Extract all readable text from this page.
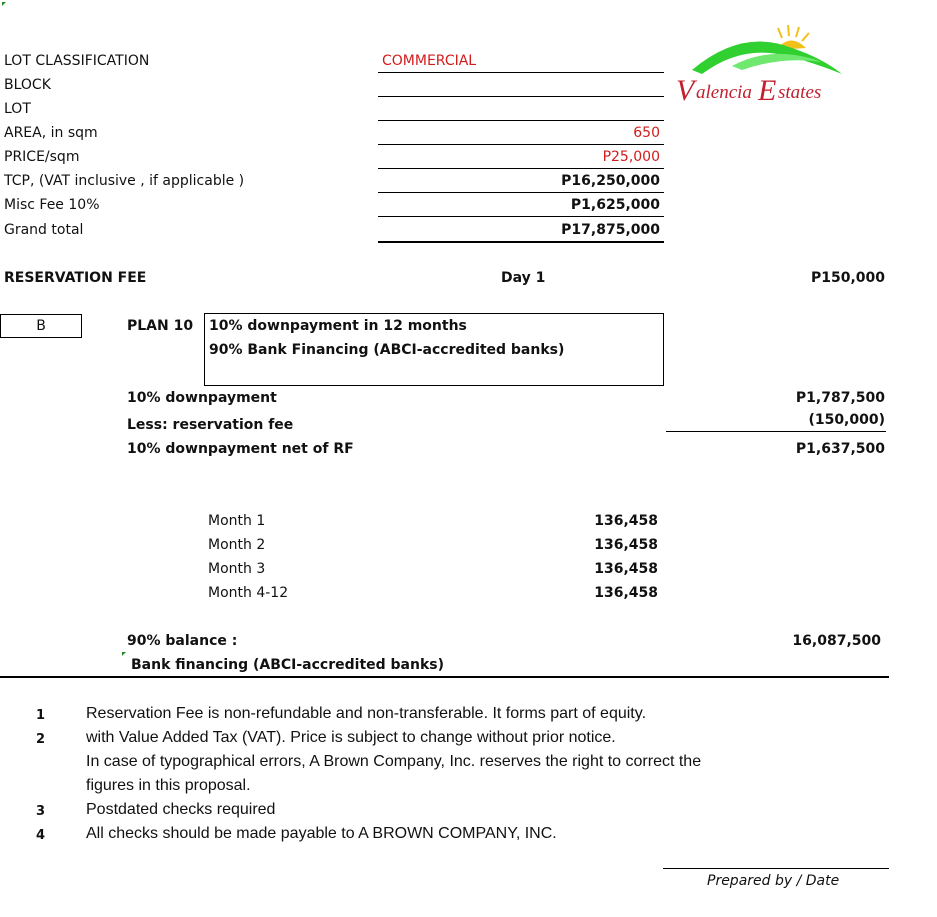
LOT CLASSIFICATION	COMMERCIAL
BLOCK
LOT
AREA, in sqm	650
PRICE/sqm	P25,000
TCP, (VAT inclusive , if applicable )	P16,250,000
Misc Fee 10%	P1,625,000
Grand total	P17,875,000
V alencia E states
RESERVATION FEE	Day 1	P150,000
B	PLAN 10 10% downpayment in 12 months
90% Bank Financing (ABCI-accredited banks)
10% downpayment	P1,787,500
Less: reservation fee	(150,000)
10% downpayment net of RF	P1,637,500
Month 1	136,458
Month 2	136,458
Month 3	136,458
Month 4-12	136,458
90% balance :	16,087,500
Bank financing (ABCI-accredited banks)
1	Reservation Fee is non-refundable and non-transferable. It forms part of equity.
2	with Value Added Tax (VAT). Price is subject to change without prior notice.
In case of typographical errors, A Brown Company, Inc. reserves the right to correct the
figures in this proposal.
3	Postdated checks required
4	All checks should be made payable to A BROWN COMPANY, INC.
Prepared by / Date
